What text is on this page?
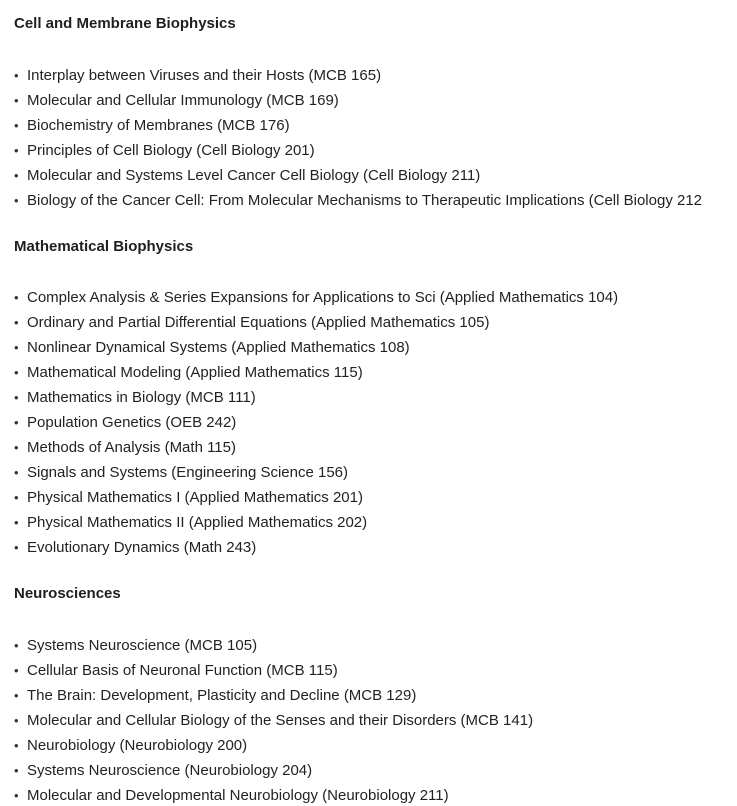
Cell and Membrane Biophysics
• Interplay between Viruses and their Hosts (MCB 165)
• Molecular and Cellular Immunology (MCB 169)
• Biochemistry of Membranes (MCB 176)
• Principles of Cell Biology (Cell Biology 201)
• Molecular and Systems Level Cancer Cell Biology (Cell Biology 211)
• Biology of the Cancer Cell: From Molecular Mechanisms to Therapeutic Implications (Cell Biology 212
Mathematical Biophysics
• Complex Analysis & Series Expansions for Applications to Sci (Applied Mathematics 104)
• Ordinary and Partial Differential Equations (Applied Mathematics 105)
• Nonlinear Dynamical Systems (Applied Mathematics 108)
• Mathematical Modeling (Applied Mathematics 115)
• Mathematics in Biology (MCB 111)
• Population Genetics (OEB 242)
• Methods of Analysis (Math 115)
• Signals and Systems (Engineering Science 156)
• Physical Mathematics I (Applied Mathematics 201)
• Physical Mathematics II (Applied Mathematics 202)
• Evolutionary Dynamics (Math 243)
Neurosciences
• Systems Neuroscience (MCB 105)
• Cellular Basis of Neuronal Function (MCB 115)
• The Brain: Development, Plasticity and Decline (MCB 129)
• Molecular and Cellular Biology of the Senses and their Disorders (MCB 141)
• Neurobiology (Neurobiology 200)
• Systems Neuroscience (Neurobiology 204)
• Molecular and Developmental Neurobiology (Neurobiology 211)
